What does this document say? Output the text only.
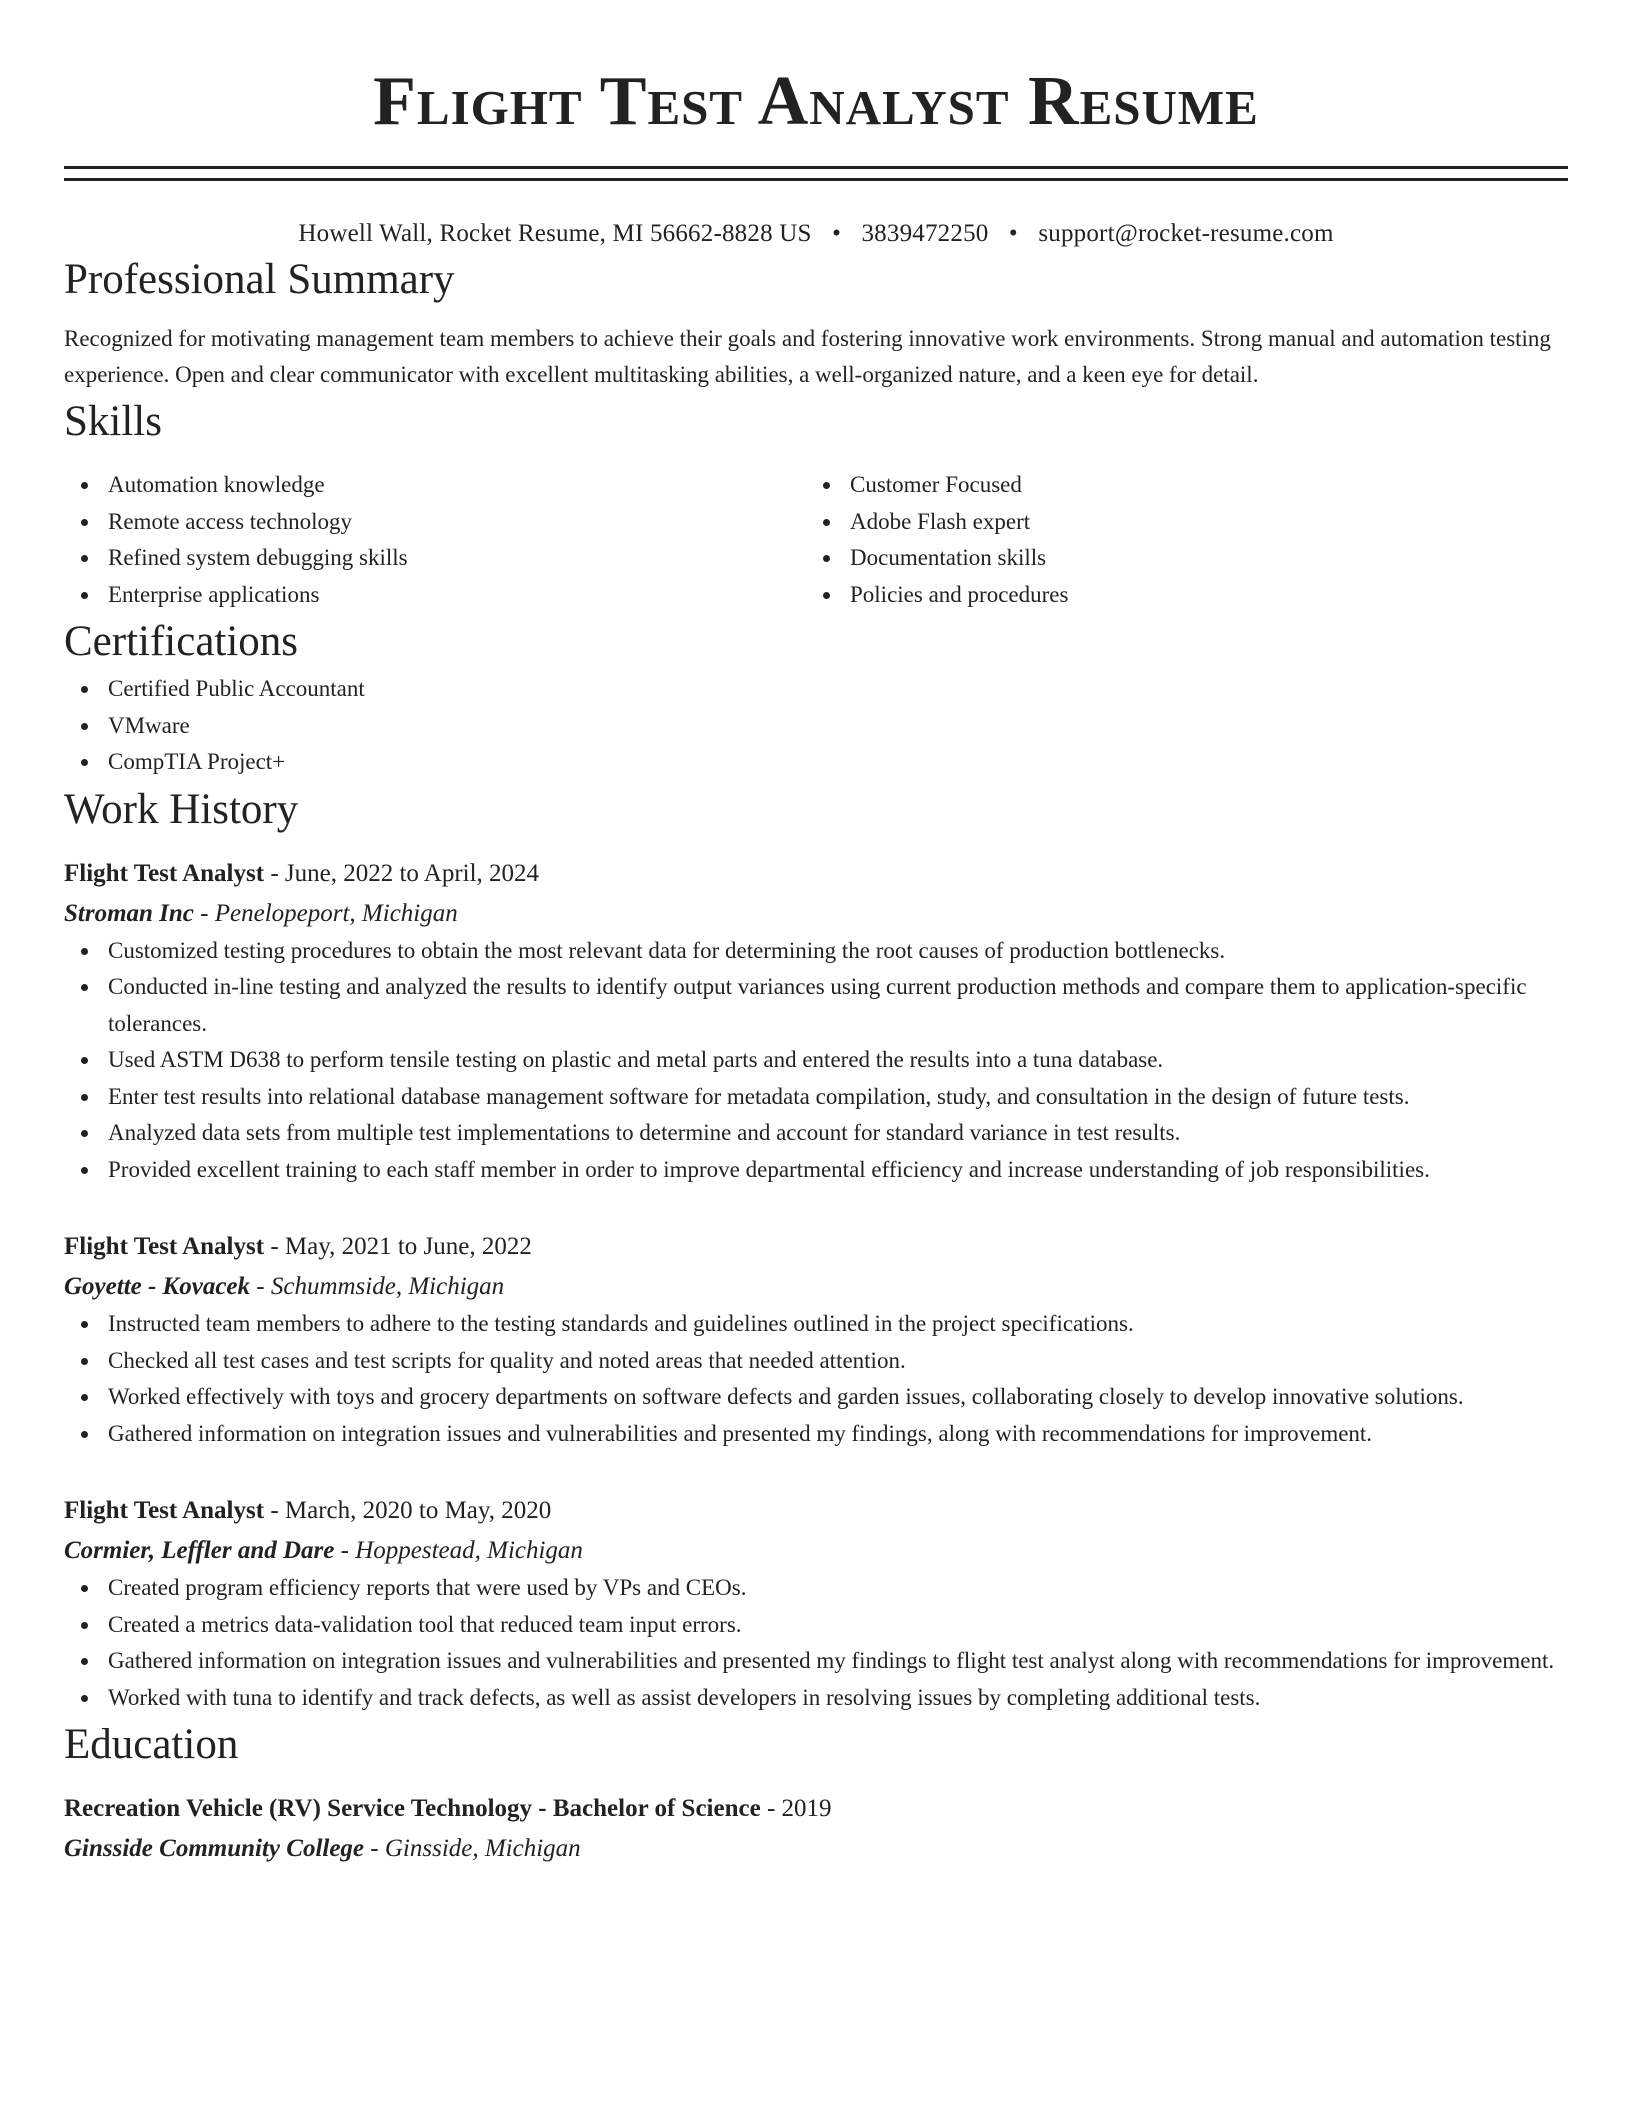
Flight Test Analyst Resume
Howell Wall, Rocket Resume, MI 56662-8828 US • 3839472250 • support@rocket-resume.com
Professional Summary

Recognized for motivating management team members to achieve their goals and fostering innovative work environments. Strong manual and automation testing experience. Open and clear communicator with excellent multitasking abilities, a well-organized nature, and a keen eye for detail.

Skills
Automation knowledge
Remote access technology
Refined system debugging skills
Enterprise applications
Customer Focused
Adobe Flash expert
Documentation skills
Policies and procedures
Certifications
Certified Public Accountant
VMware
CompTIA Project+
Work History
Flight Test Analyst - June, 2022 to April, 2024
Stroman Inc - Penelopeport, Michigan
Customized testing procedures to obtain the most relevant data for determining the root causes of production bottlenecks.
Conducted in-line testing and analyzed the results to identify output variances using current production methods and compare them to application-specific tolerances.
Used ASTM D638 to perform tensile testing on plastic and metal parts and entered the results into a tuna database.
Enter test results into relational database management software for metadata compilation, study, and consultation in the design of future tests.
Analyzed data sets from multiple test implementations to determine and account for standard variance in test results.
Provided excellent training to each staff member in order to improve departmental efficiency and increase understanding of job responsibilities.
Flight Test Analyst - May, 2021 to June, 2022
Goyette - Kovacek - Schummside, Michigan
Instructed team members to adhere to the testing standards and guidelines outlined in the project specifications.
Checked all test cases and test scripts for quality and noted areas that needed attention.
Worked effectively with toys and grocery departments on software defects and garden issues, collaborating closely to develop innovative solutions.
Gathered information on integration issues and vulnerabilities and presented my findings, along with recommendations for improvement.
Flight Test Analyst - March, 2020 to May, 2020
Cormier, Leffler and Dare - Hoppestead, Michigan
Created program efficiency reports that were used by VPs and CEOs.
Created a metrics data-validation tool that reduced team input errors.
Gathered information on integration issues and vulnerabilities and presented my findings to flight test analyst along with recommendations for improvement.
Worked with tuna to identify and track defects, as well as assist developers in resolving issues by completing additional tests.
Education
Recreation Vehicle (RV) Service Technology - Bachelor of Science - 2019
Ginsside Community College - Ginsside, Michigan
